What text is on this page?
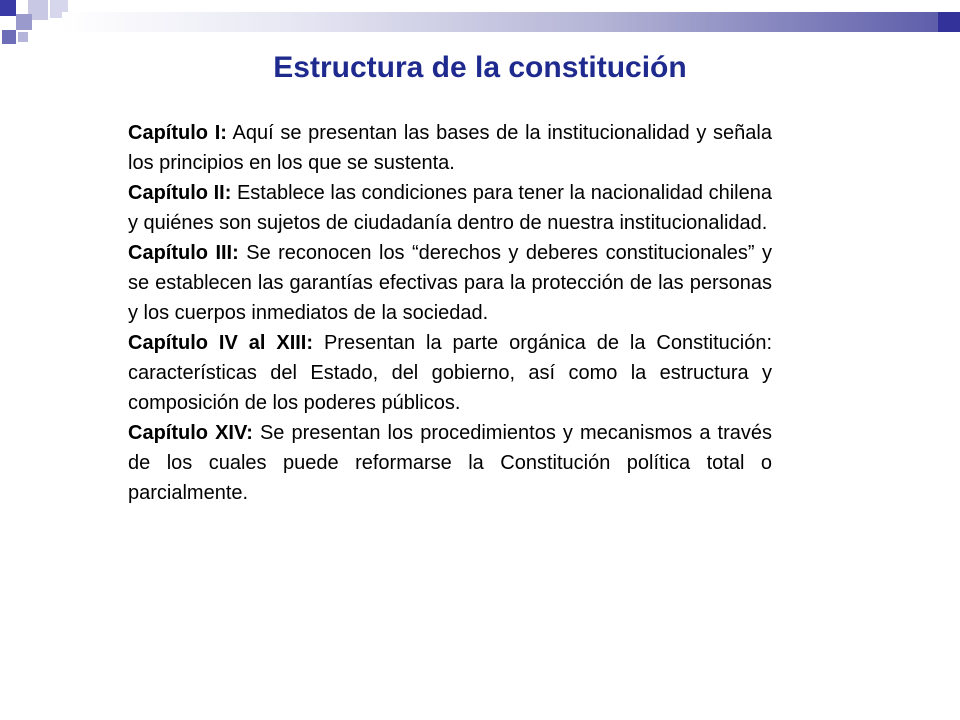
Estructura de la constitución

Capítulo I: Aquí se presentan las bases de la institucionalidad y señala los principios en los que se sustenta.

Capítulo II: Establece las condiciones para tener la nacionalidad chilena y quiénes son sujetos de ciudadanía dentro de nuestra institucionalidad.

Capítulo III: Se reconocen los “derechos y deberes constitucionales” y se establecen las garantías efectivas para la protección de las personas y los cuerpos inmediatos de la sociedad.

Capítulo IV al XIII: Presentan la parte orgánica de la Constitución: características del Estado, del gobierno, así como la estructura y composición de los poderes públicos.

Capítulo XIV: Se presentan los procedimientos y mecanismos a través de los cuales puede reformarse la Constitución política total o parcialmente.
